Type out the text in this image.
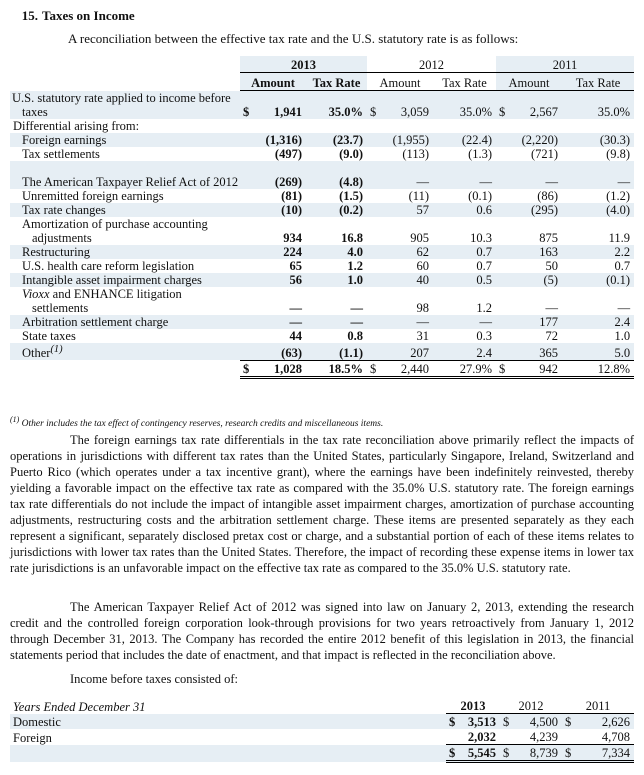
15. Taxes on Income
A reconciliation between the effective tax rate and the U.S. statutory rate is as follows:
	2013			2012			2011		
	Amount		Tax Rate	Amount		Tax Rate	Amount		Tax Rate
U.S. statutory rate applied to income before taxes	$	1,941	35.0%	$	3,059	35.0%	$	2,567	35.0%
Differential arising from:									
Foreign earnings		(1,316)	(23.7)		(1,955)	(22.4)		(2,220)	(30.3)
Tax settlements		(497)	(9.0)		(113)	(1.3)		(721)	(9.8)
The American Taxpayer Relief Act of 2012		(269)	(4.8)		—	—		—	—
Unremitted foreign earnings		(81)	(1.5)		(11)	(0.1)		(86)	(1.2)
Tax rate changes		(10)	(0.2)		57	0.6		(295)	(4.0)
Amortization of purchase accounting adjustments		934	16.8		905	10.3		875	11.9
Restructuring		224	4.0		62	0.7		163	2.2
U.S. health care reform legislation		65	1.2		60	0.7		50	0.7
Intangible asset impairment charges		56	1.0		40	0.5		(5)	(0.1)
Vioxx and ENHANCE litigation settlements		—	—		98	1.2		—	—
Arbitration settlement charge		—	—		—	—		177	2.4
State taxes		44	0.8		31	0.3		72	1.0
Other$^{(1)}$		(63)	(1.1)		207	2.4		365	5.0
	$	1,028	18.5%	$	2,440	27.9%	$	942	12.8%
$^{(1)}$ Other includes the tax effect of contingency reserves, research credits and miscellaneous items.

The foreign earnings tax rate differentials in the tax rate reconciliation above primarily reflect the impacts of operations in jurisdictions with different tax rates than the United States, particularly Singapore, Ireland, Switzerland and Puerto Rico (which operates under a tax incentive grant), where the earnings have been indefinitely reinvested, thereby yielding a favorable impact on the effective tax rate as compared with the 35.0% U.S. statutory rate. The foreign earnings tax rate differentials do not include the impact of intangible asset impairment charges, amortization of purchase accounting adjustments, restructuring costs and the arbitration settlement charge. These items are presented separately as they each represent a significant, separately disclosed pretax cost or charge, and a substantial portion of each of these items relates to jurisdictions with lower tax rates than the United States. Therefore, the impact of recording these expense items in lower tax rate jurisdictions is an unfavorable impact on the effective tax rate as compared to the 35.0% U.S. statutory rate.

The American Taxpayer Relief Act of 2012 was signed into law on January 2, 2013, extending the research credit and the controlled foreign corporation look-through provisions for two years retroactively from January 1, 2012 through December 31, 2013. The Company has recorded the entire 2012 benefit of this legislation in 2013, the financial statements period that includes the date of enactment, and that impact is reflected in the reconciliation above.

Income before taxes consisted of:
Years Ended December 31	2013		2012		2011	
Domestic	$	3,513	$	4,500	$	2,626
Foreign		2,032		4,239		4,708
	$	5,545	$	8,739	$	7,334
